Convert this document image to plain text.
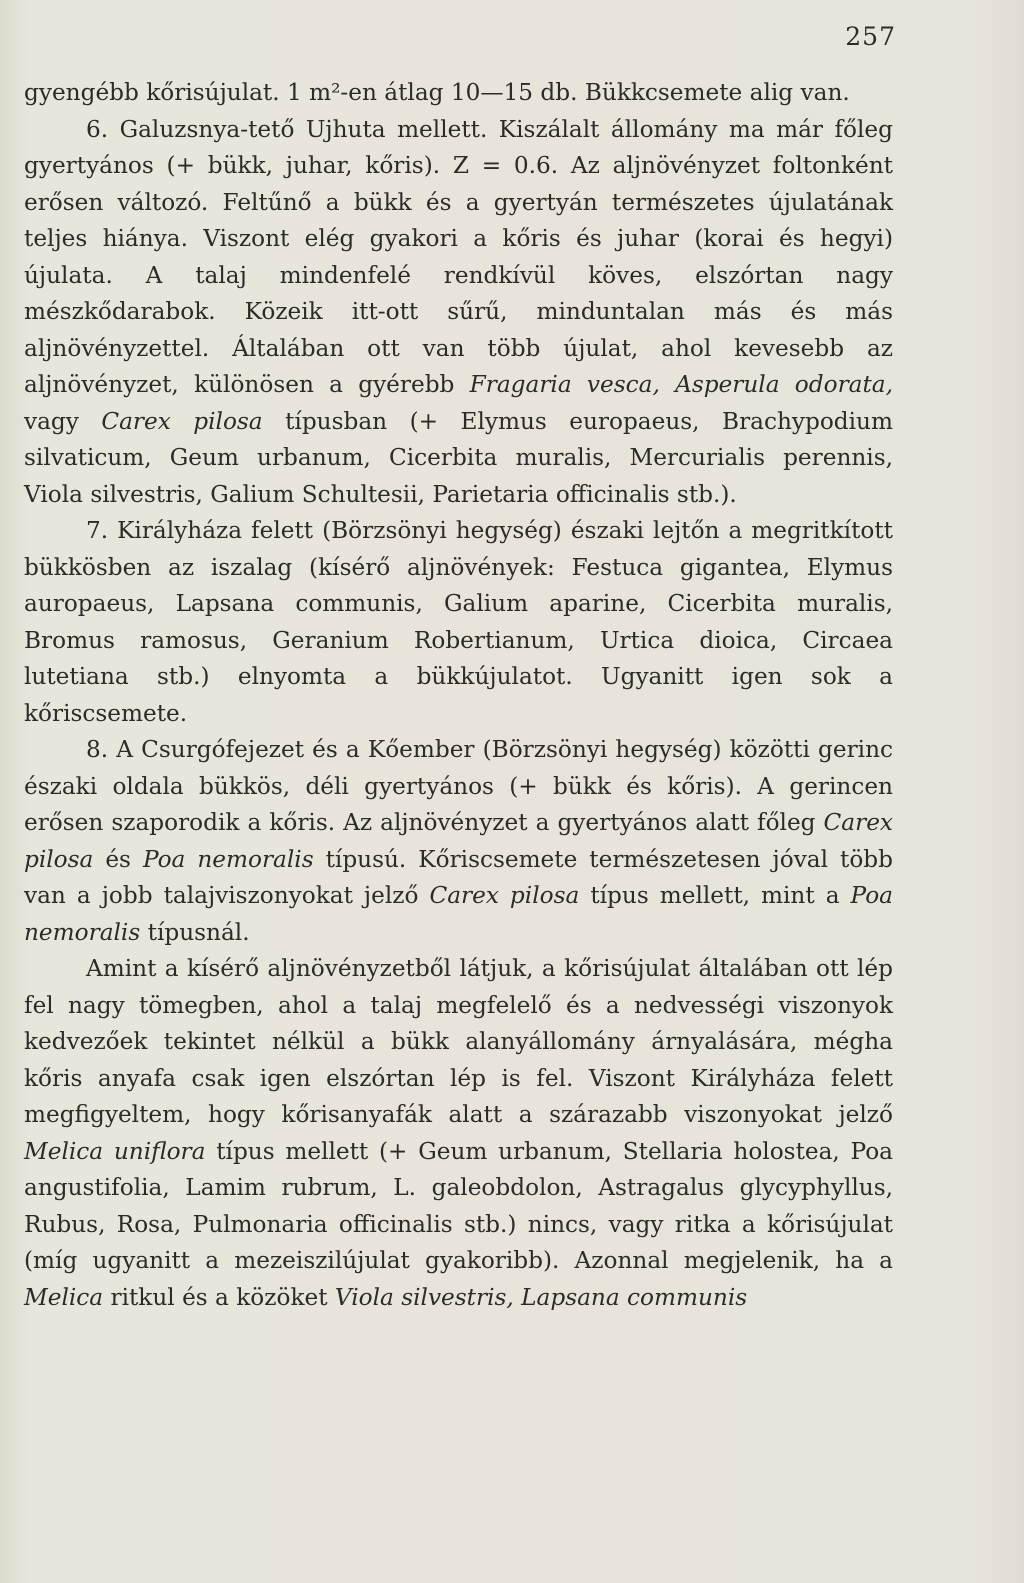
257

gyengébb kőrisújulat. 1 m²-en átlag 10—15 db. Bükkcsemete alig van.

6. Galuzsnya-tető Ujhuta mellett. Kiszálalt állomány ma már főleg gyertyános (+ bükk, juhar, kőris). Z = 0.6. Az aljnövényzet foltonként erősen változó. Feltűnő a bükk és a gyertyán természetes újulatának teljes hiánya. Viszont elég gyakori a kőris és juhar (korai és hegyi) újulata. A talaj mindenfelé rendkívül köves, elszórtan nagy mészkődarabok. Közeik itt-ott sűrű, minduntalan más és más aljnövényzettel. Általában ott van több újulat, ahol kevesebb az aljnövényzet, különösen a gyérebb Fragaria vesca, Asperula odorata, vagy Carex pilosa típusban (+ Elymus europaeus, Brachypodium silvaticum, Geum urbanum, Cicerbita muralis, Mercurialis perennis, Viola silvestris, Galium Schultesii, Parietaria officinalis stb.).

7. Királyháza felett (Börzsönyi hegység) északi lejtőn a megritkított bükkösben az iszalag (kísérő aljnövények: Festuca gigantea, Elymus auropaeus, Lapsana communis, Galium aparine, Cicerbita muralis, Bromus ramosus, Geranium Robertianum, Urtica dioica, Circaea lutetiana stb.) elnyomta a bükkújulatot. Ugyanitt igen sok a kőriscsemete.

8. A Csurgófejezet és a Kőember (Börzsönyi hegység) közötti gerinc északi oldala bükkös, déli gyertyános (+ bükk és kőris). A gerincen erősen szaporodik a kőris. Az aljnövényzet a gyertyános alatt főleg Carex pilosa és Poa nemoralis típusú. Kőriscsemete természetesen jóval több van a jobb talajviszonyokat jelző Carex pilosa típus mellett, mint a Poa nemoralis típusnál.

Amint a kísérő aljnövényzetből látjuk, a kőrisújulat általában ott lép fel nagy tömegben, ahol a talaj megfelelő és a nedvességi viszonyok kedvezőek tekintet nélkül a bükk alanyállomány árnyalására, mégha kőris anyafa csak igen elszórtan lép is fel. Viszont Királyháza felett megfigyeltem, hogy kőrisanyafák alatt a szárazabb viszonyokat jelző Melica uniflora típus mellett (+ Geum urbanum, Stellaria holostea, Poa angustifolia, Lamim rubrum, L. galeobdolon, Astragalus glycyphyllus, Rubus, Rosa, Pulmonaria officinalis stb.) nincs, vagy ritka a kőrisújulat (míg ugyanitt a mezeiszilújulat gyakoribb). Azonnal megjelenik, ha a Melica ritkul és a közöket Viola silvestris, Lapsana communis
